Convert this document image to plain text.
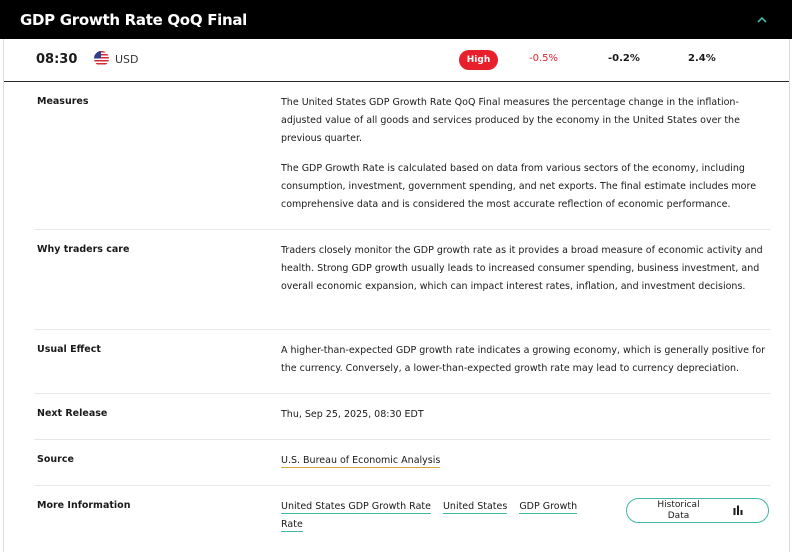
GDP Growth Rate QoQ Final
08:30	USD	High	-0.5%	-0.2%	2.4%
Measures	The United States GDP Growth Rate QoQ Final measures the percentage change in the inflation-adjusted value of all goods and services produced by the economy in the United States over the previous quarter.

The GDP Growth Rate is calculated based on data from various sectors of the economy, including consumption, investment, government spending, and net exports. The final estimate includes more comprehensive data and is considered the most accurate reflection of economic performance.

Why traders care	Traders closely monitor the GDP growth rate as it provides a broad measure of economic activity and health. Strong GDP growth usually leads to increased consumer spending, business investment, and overall economic expansion, which can impact interest rates, inflation, and investment decisions.
Usual Effect	A higher-than-expected GDP growth rate indicates a growing economy, which is generally positive for the currency. Conversely, a lower-than-expected growth rate may lead to currency depreciation.
Next Release	Thu, Sep 25, 2025, 08:30 EDT
Source	U.S. Bureau of Economic Analysis
More Information	United States GDP Growth Rate United States GDP Growth Rate
Historical Data
